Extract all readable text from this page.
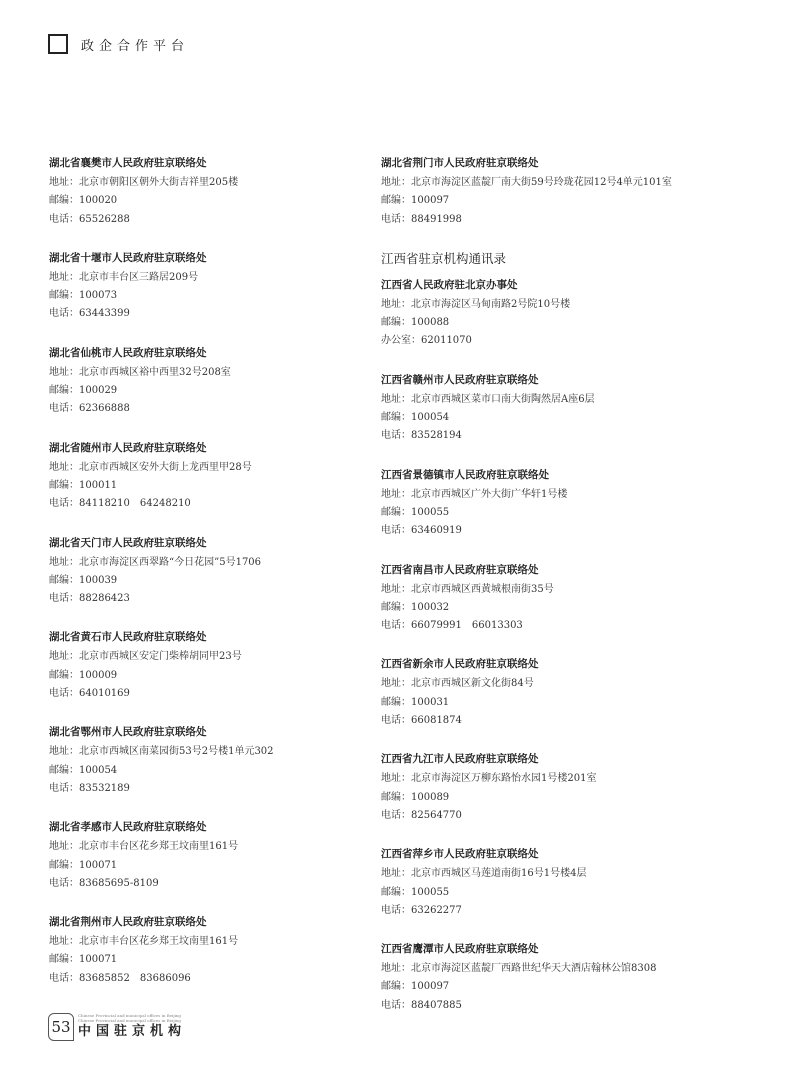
政企合作平台
湖北省襄樊市人民政府驻京联络处
地址：北京市朝阳区朝外大街吉祥里205楼
邮编：100020
电话：65526288
湖北省十堰市人民政府驻京联络处
地址：北京市丰台区三路居209号
邮编：100073
电话：63443399
湖北省仙桃市人民政府驻京联络处
地址：北京市西城区裕中西里32号208室
邮编：100029
电话：62366888
湖北省随州市人民政府驻京联络处
地址：北京市西城区安外大街上龙西里甲28号
邮编：100011
电话：84118210　64248210
湖北省天门市人民政府驻京联络处
地址：北京市海淀区西翠路“今日花园”5号1706
邮编：100039
电话：88286423
湖北省黄石市人民政府驻京联络处
地址：北京市西城区安定门柴棒胡同甲23号
邮编：100009
电话：64010169
湖北省鄂州市人民政府驻京联络处
地址：北京市西城区南菜园街53号2号楼1单元302
邮编：100054
电话：83532189
湖北省孝感市人民政府驻京联络处
地址：北京市丰台区花乡郑王坟南里161号
邮编：100071
电话：83685695-8109
湖北省荆州市人民政府驻京联络处
地址：北京市丰台区花乡郑王坟南里161号
邮编：100071
电话：83685852　83686096
湖北省荆门市人民政府驻京联络处
地址：北京市海淀区蓝靛厂南大街59号玲珑花园12号4单元101室
邮编：100097
电话：88491998
江西省驻京机构通讯录
江西省人民政府驻北京办事处
地址：北京市海淀区马甸南路2号院10号楼
邮编：100088
办公室：62011070
江西省赣州市人民政府驻京联络处
地址：北京市西城区菜市口南大街陶然居A座6层
邮编：100054
电话：83528194
江西省景德镇市人民政府驻京联络处
地址：北京市西城区广外大街广华轩1号楼
邮编：100055
电话：63460919
江西省南昌市人民政府驻京联络处
地址：北京市西城区西黄城根南街35号
邮编：100032
电话：66079991　66013303
江西省新余市人民政府驻京联络处
地址：北京市西城区新文化街84号
邮编：100031
电话：66081874
江西省九江市人民政府驻京联络处
地址：北京市海淀区万柳东路怡水园1号楼201室
邮编：100089
电话：82564770
江西省萍乡市人民政府驻京联络处
地址：北京市西城区马莲道南街16号1号楼4层
邮编：100055
电话：63262277
江西省鹰潭市人民政府驻京联络处
地址：北京市海淀区蓝靛厂西路世纪华天大酒店翰林公馆8308
邮编：100097
电话：88407885
53
Chinese Provincial and municipal offices in Beijing
Chinese Provincial and municipal offices in Beijing
中国驻京机构
